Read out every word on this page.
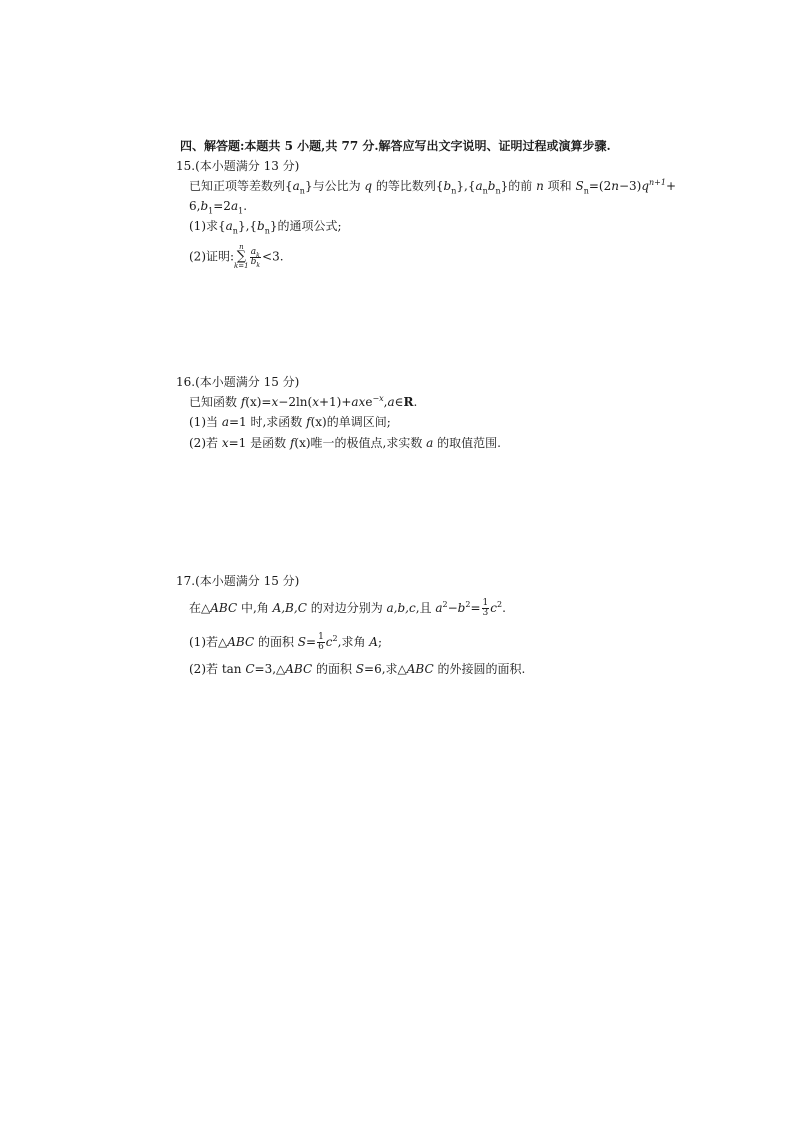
四、解答题:本题共 5 小题,共 77 分.解答应写出文字说明、证明过程或演算步骤.
15.(本小题满分 13 分)
已知正项等差数列$\{a_n\}$与公比为 q 的等比数列$\{b_n\},\{a_nb_n\}$的前 n 项和 $S_n=(2n-3)q^{n+1}+$
$6,b_1=2a_1$.
(1)求$\{a_n\},\{b_n\}$的通项公式;
(2)证明:n
∑
$k=1 \frac{a_k}{b_k} <3$.
16.(本小题满分 15 分)
已知函数 f(x)=x−2ln(x+1)+axe$^{-x}$,a∈R.
(1)当 a=1 时,求函数 f(x)的单调区间;
(2)若 x=1 是函数 f(x)唯一的极值点,求实数 a 的取值范围.
17.(本小题满分 15 分)
在△ABC 中,角 A,B,C 的对边分别为 a,b,c,且 $a^2-b^2= \frac{1}{3} c^2$.
(1)若△ABC 的面积 $S= \frac{1}{6} c^2$,求角 A;
(2)若 tan C=3,△ABC 的面积 S=6,求△ABC 的外接圆的面积.
